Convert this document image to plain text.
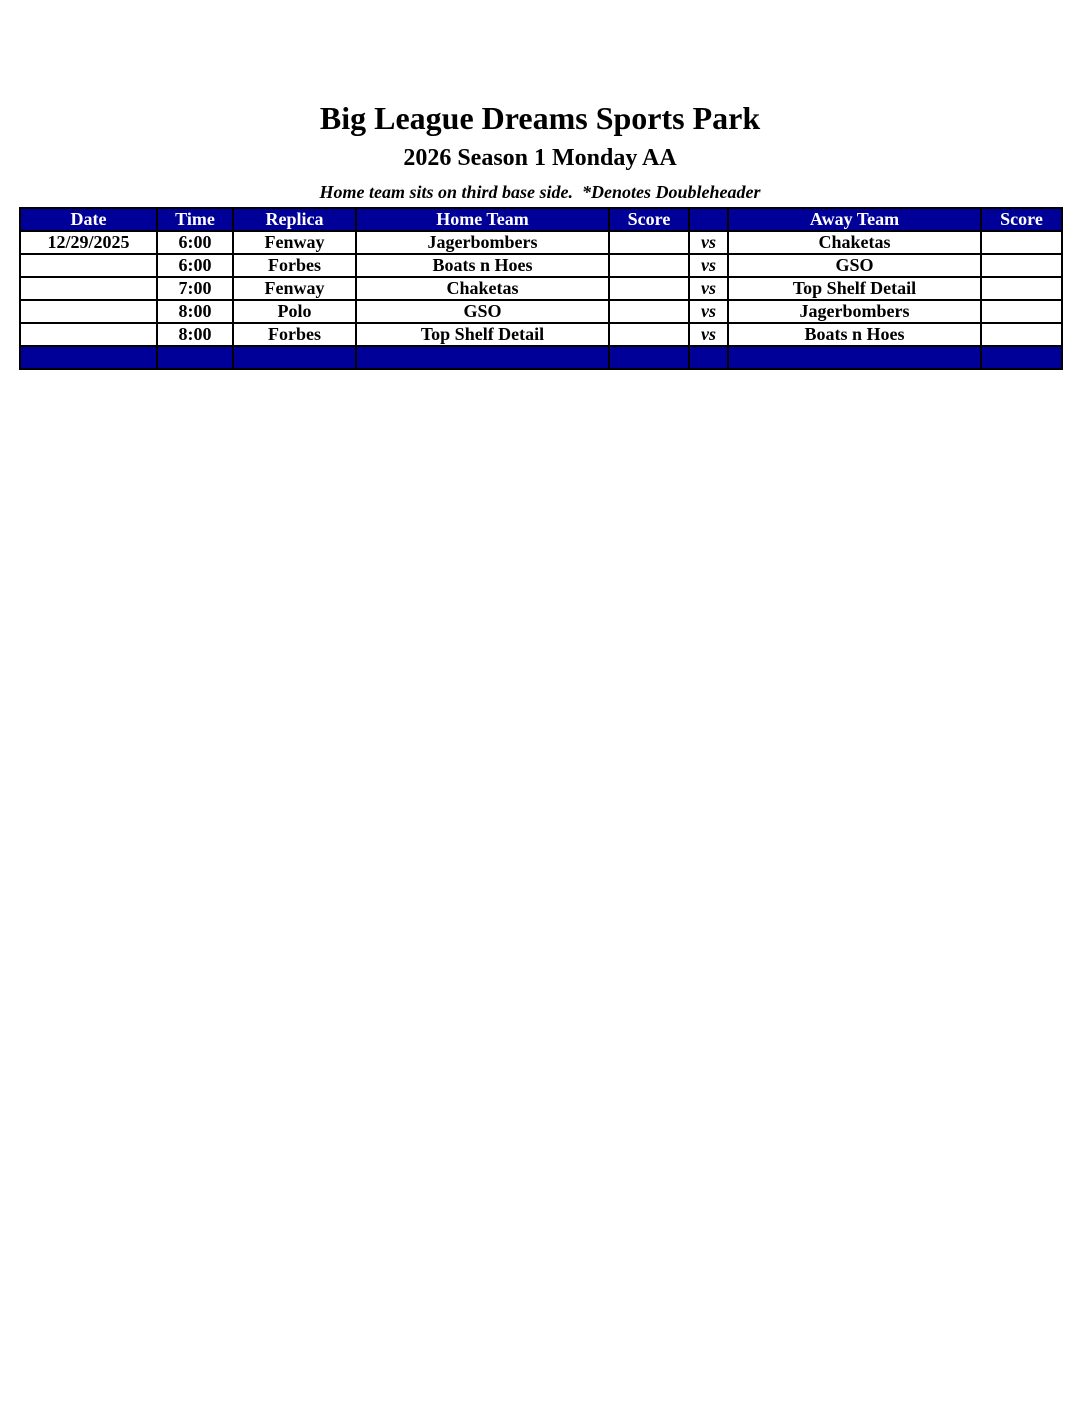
Big League Dreams Sports Park
2026 Season 1 Monday AA

Home team sits on third base side.  *Denotes Doubleheader

Date	Time	Replica	Home Team	Score		Away Team	Score
12/29/2025	6:00	Fenway	Jagerbombers		vs	Chaketas	
	6:00	Forbes	Boats n Hoes		vs	GSO	
	7:00	Fenway	Chaketas		vs	Top Shelf Detail	
	8:00	Polo	GSO		vs	Jagerbombers	
	8:00	Forbes	Top Shelf Detail		vs	Boats n Hoes	
